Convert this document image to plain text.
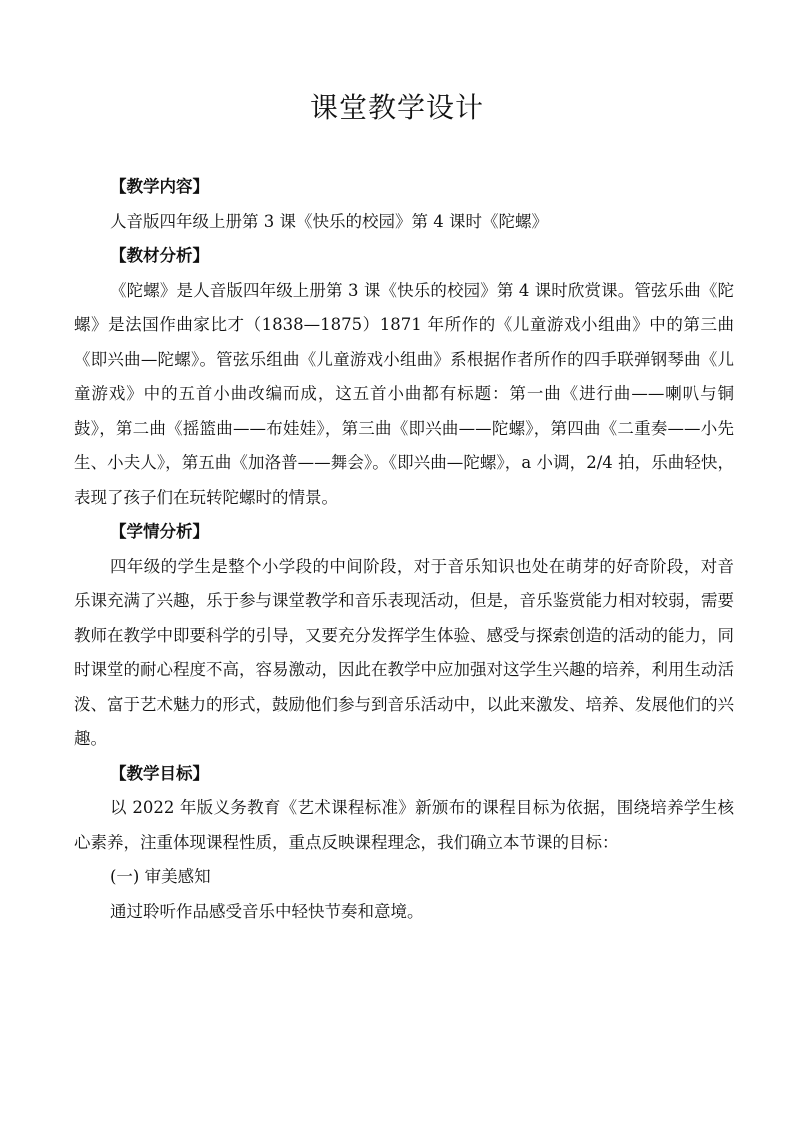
课堂教学设计

【教学内容】

人音版四年级上册第 3 课《快乐的校园》第 4 课时《陀螺》

【教材分析】

《陀螺》是人音版四年级上册第 3 课《快乐的校园》第 4 课时欣赏课。管弦乐曲《陀螺》是法国作曲家比才（1838—1875）1871 年所作的《儿童游戏小组曲》中的第三曲《即兴曲—陀螺》。管弦乐组曲《儿童游戏小组曲》系根据作者所作的四手联弹钢琴曲《儿童游戏》中的五首小曲改编而成，这五首小曲都有标题：第一曲《进行曲——喇叭与铜鼓》，第二曲《摇篮曲——布娃娃》，第三曲《即兴曲——陀螺》，第四曲《二重奏——小先生、小夫人》，第五曲《加洛普——舞会》。《即兴曲—陀螺》，a 小调，2/4 拍，乐曲轻快，表现了孩子们在玩转陀螺时的情景。

【学情分析】

四年级的学生是整个小学段的中间阶段，对于音乐知识也处在萌芽的好奇阶段，对音乐课充满了兴趣，乐于参与课堂教学和音乐表现活动，但是，音乐鉴赏能力相对较弱，需要教师在教学中即要科学的引导，又要充分发挥学生体验、感受与探索创造的活动的能力，同时课堂的耐心程度不高，容易激动，因此在教学中应加强对这学生兴趣的培养，利用生动活泼、富于艺术魅力的形式，鼓励他们参与到音乐活动中，以此来激发、培养、发展他们的兴趣。

【教学目标】

以 2022 年版义务教育《艺术课程标准》新颁布的课程目标为依据，围绕培养学生核心素养，注重体现课程性质，重点反映课程理念，我们确立本节课的目标：

(一) 审美感知

通过聆听作品感受音乐中轻快节奏和意境。
